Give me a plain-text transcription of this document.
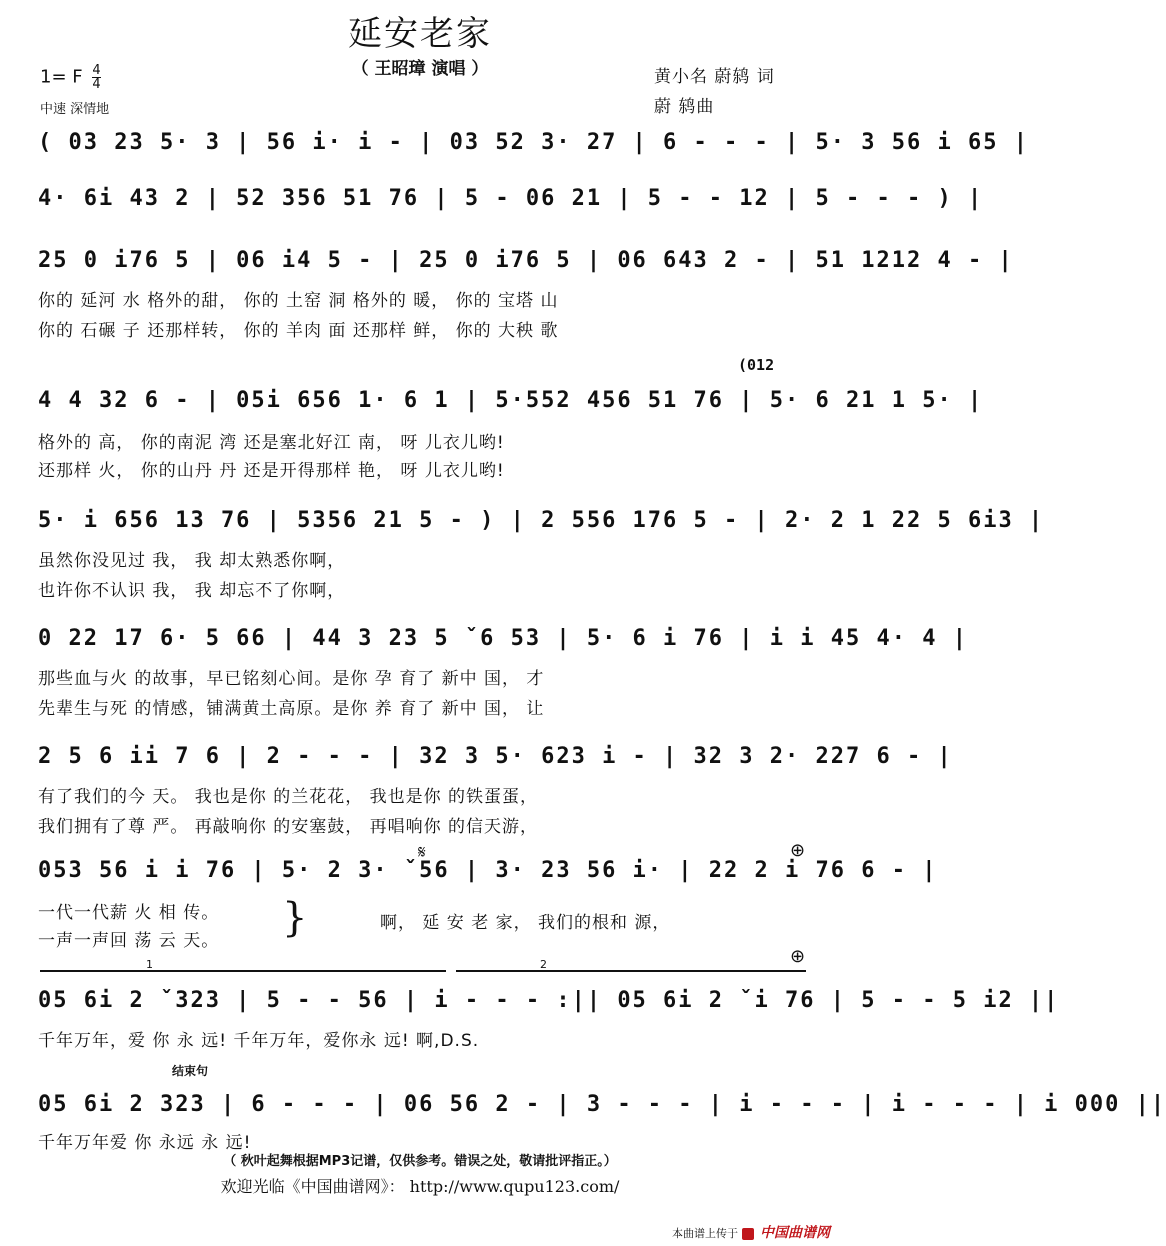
延安老家
（ 王昭璋 演唱 ）
1= F $\frac{4}{4}$
中速 深情地
黄小名 蔚鸫 词
蔚 鸫曲
(012
( 03 23 5· 3 | 56 i· i - | 03 52 3· 27 | 6 - - - | 5· 3 56 i 65 |
4· 6i 43 2 | 52 356 51 76 | 5 - 06 21 | 5 - - 12 | 5 - - - ) |
25 0 i76 5 | 06 i4 5 - | 25 0 i76 5 | 06 643 2 - | 51 1212 4 - |
你的 延河 水 格外的甜， 你的 土窑 洞 格外的 暖， 你的 宝塔 山
你的 石碾 子 还那样转， 你的 羊肉 面 还那样 鲜， 你的 大秧 歌
4 4 32 6 - | 05i 656 1· 6 1 | 5·552 456 51 76 | 5· 6 21 1 5· |
格外的 高， 你的南泥 湾 还是塞北好江 南， 呀 儿衣儿哟!
还那样 火， 你的山丹 丹 还是开得那样 艳， 呀 儿衣儿哟!
5· i 656 13 76 | 5356 21 5 - ) | 2 556 176 5 - | 2· 2 1 22 5 6i3 |
虽然你没见过 我， 我 却太熟悉你啊，
也许你不认识 我， 我 却忘不了你啊，
0 22 17 6· 5 66 | 44 3 23 5 ˇ6 53 | 5· 6 i 76 | i i 45 4· 4 |
那些血与火 的故事，早已铭刻心间。是你 孕 育了 新中 国， 才
先辈生与死 的情感，铺满黄土高原。是你 养 育了 新中 国， 让
2 5 6 ii 7 6 | 2 - - - | 32 3 5· 623 i - | 32 3 2· 227 6 - |
有了我们的今 天。 我也是你 的兰花花， 我也是你 的铁蛋蛋，
我们拥有了尊 严。 再敲响你 的安塞鼓， 再唱响你 的信天游，
𝄋	⊕
053 56 i i 76 | 5· 2 3· ˇ56 | 3· 23 56 i· | 22 2 i 76 6 - |
一代一代薪 火 相 传。
一声一声回 荡 云 天。	}	啊， 延 安 老 家， 我们的根和 源，
1	2	⊕
05 6i 2 ˇ323 | 5 - - 56 | i - - - :|| 05 6i 2 ˇi 76 | 5 - - 5 i2 ||
千年万年，爱 你 永 远! 千年万年，爱你永 远! 啊,D.S.
结束句
05 6i 2 323 | 6 - - - | 06 56 2 - | 3 - - - | i - - - | i - - - | i 000 ||
千年万年爱 你 永远 永 远!
（ 秋叶起舞根据MP3记谱，仅供参考。错误之处，敬请批评指正。）
欢迎光临《中国曲谱网》： http://www.qupu123.com/
本曲谱上传于 中国曲谱网
